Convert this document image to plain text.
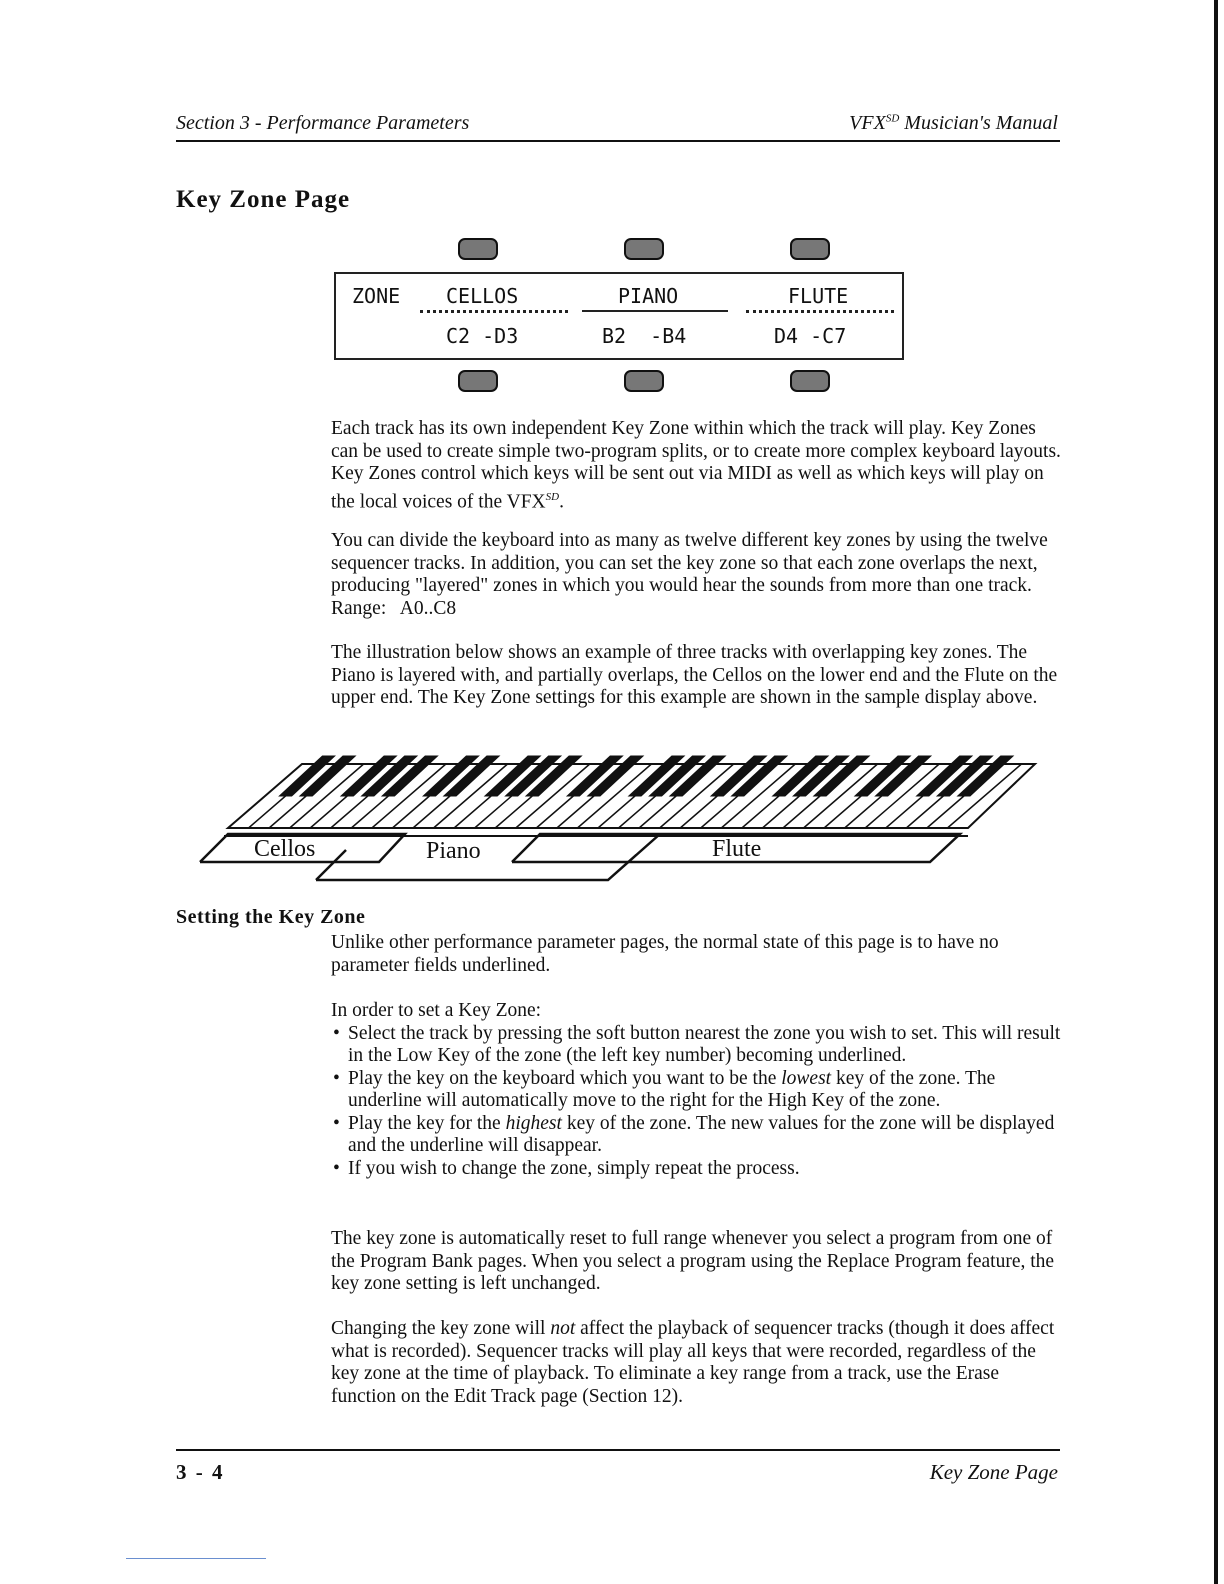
Section 3 - Performance Parameters	$VFX^{SD}$ Musician's Manual
Key Zone Page
ZONE CELLOS	PIANO	FLUTE
C2 -D3	B2  -B4	D4 -C7

Each track has its own independent Key Zone within which the track will play. Key Zones can be used to create simple two-program splits, or to create more complex keyboard layouts. Key Zones control which keys will be sent out via MIDI as well as which keys will play on the local voices of the $VFX^{SD}$.

You can divide the keyboard into as many as twelve different key zones by using the twelve sequencer tracks. In addition, you can set the key zone so that each zone overlaps the next, producing "layered" zones in which you would hear the sounds from more than one track.  Range:   A0..C8

The illustration below shows an example of three tracks with overlapping key zones. The Piano is layered with, and partially overlaps, the Cellos on the lower end and the Flute on the upper end. The Key Zone settings for this example are shown in the sample display above.

Cellos	Piano	Flute
Setting the Key Zone

Unlike other performance parameter pages, the normal state of this page is to have no parameter fields underlined.

In order to set a Key Zone:

• Select the track by pressing the soft button nearest the zone you wish to set. This will result in the Low Key of the zone (the left key number) becoming underlined.
• Play the key on the keyboard which you want to be the lowest key of the zone. The underline will automatically move to the right for the High Key of the zone.
• Play the key for the highest key of the zone. The new values for the zone will be displayed and the underline will disappear.
• If you wish to change the zone, simply repeat the process.

The key zone is automatically reset to full range whenever you select a program from one of the Program Bank pages. When you select a program using the Replace Program feature, the key zone setting is left unchanged.

Changing the key zone will not affect the playback of sequencer tracks (though it does affect what is recorded). Sequencer tracks will play all keys that were recorded, regardless of the key zone at the time of playback. To eliminate a key range from a track, use the Erase function on the Edit Track page (Section 12).

3 - 4	Key Zone Page
